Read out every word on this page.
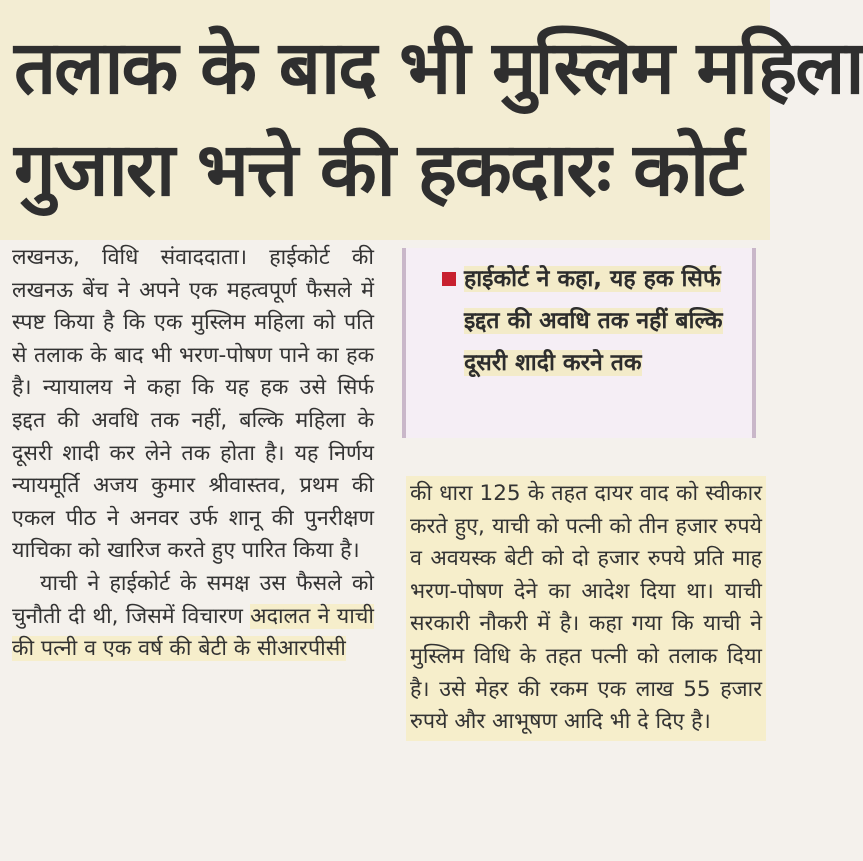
तलाक के बाद भी मुस्लिम महिला
गुजारा भत्ते की हकदारः कोर्ट

लखनऊ, विधि संवाददाता। हाईकोर्ट की लखनऊ बेंच ने अपने एक महत्वपूर्ण फैसले में स्पष्ट किया है कि एक मुस्लिम महिला को पति से तलाक के बाद भी भरण-पोषण पाने का हक है। न्यायालय ने कहा कि यह हक उसे सिर्फ इद्दत की अवधि तक नहीं, बल्कि महिला के दूसरी शादी कर लेने तक होता है। यह निर्णय न्यायमूर्ति अजय कुमार श्रीवास्तव, प्रथम की एकल पीठ ने अनवर उर्फ शानू की पुनरीक्षण याचिका को खारिज करते हुए पारित किया है।

याची ने हाईकोर्ट के समक्ष उस फैसले को चुनौती दी थी, जिसमें विचारण अदालत ने याची की पत्नी व एक वर्ष की बेटी के सीआरपीसी

हाईकोर्ट ने कहा, यह हक सिर्फ इद्दत की अवधि तक नहीं बल्कि दूसरी शादी करने तक

की धारा 125 के तहत दायर वाद को स्वीकार करते हुए, याची को पत्नी को तीन हजार रुपये व अवयस्क बेटी को दो हजार रुपये प्रति माह भरण-पोषण देने का आदेश दिया था। याची सरकारी नौकरी में है। कहा गया कि याची ने मुस्लिम विधि के तहत पत्नी को तलाक दिया है। उसे मेहर की रकम एक लाख 55 हजार रुपये और आभूषण आदि भी दे दिए है।
